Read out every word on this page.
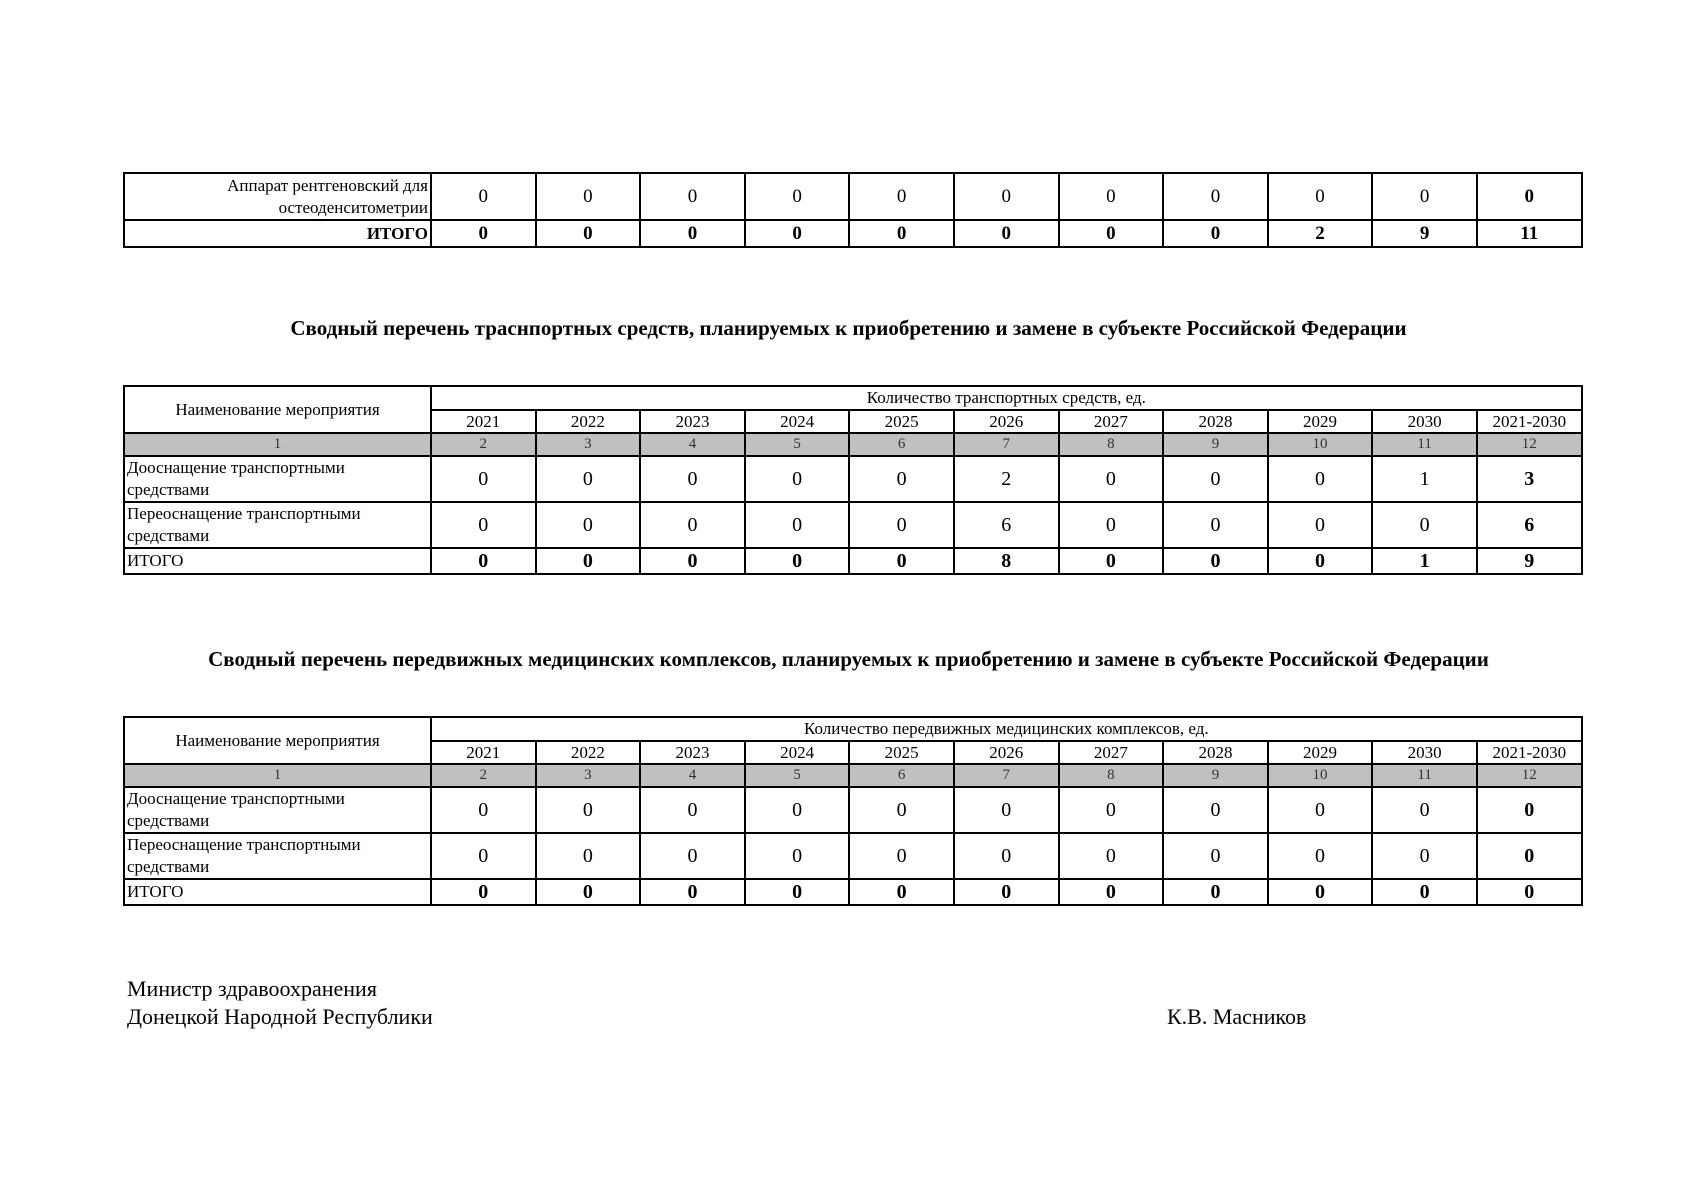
Аппарат рентгеновский для остеоденситометрии	0	0	0	0	0	0	0	0	0	0	0
ИТОГО	0	0	0	0	0	0	0	0	2	9	11
Сводный перечень траснпортных средств, планируемых к приобретению и замене в субъекте Российской Федерации
Наименование мероприятия	Количество транспортных средств, ед.										
	2021	2022	2023	2024	2025	2026	2027	2028	2029	2030	2021-2030
1	2	3	4	5	6	7	8	9	10	11	12
Дооснащение транспортными средствами	0	0	0	0	0	2	0	0	0	1	3
Переоснащение транспортными средствами	0	0	0	0	0	6	0	0	0	0	6
ИТОГО	0	0	0	0	0	8	0	0	0	1	9
Сводный перечень передвижных медицинских комплексов, планируемых к приобретению и замене в субъекте Российской Федерации
Наименование мероприятия	Количество передвижных медицинских комплексов, ед.										
	2021	2022	2023	2024	2025	2026	2027	2028	2029	2030	2021-2030
1	2	3	4	5	6	7	8	9	10	11	12
Дооснащение транспортными средствами	0	0	0	0	0	0	0	0	0	0	0
Переоснащение транспортными средствами	0	0	0	0	0	0	0	0	0	0	0
ИТОГО	0	0	0	0	0	0	0	0	0	0	0
Министр здравоохранения
Донецкой Народной Республики	К.В. Масников
